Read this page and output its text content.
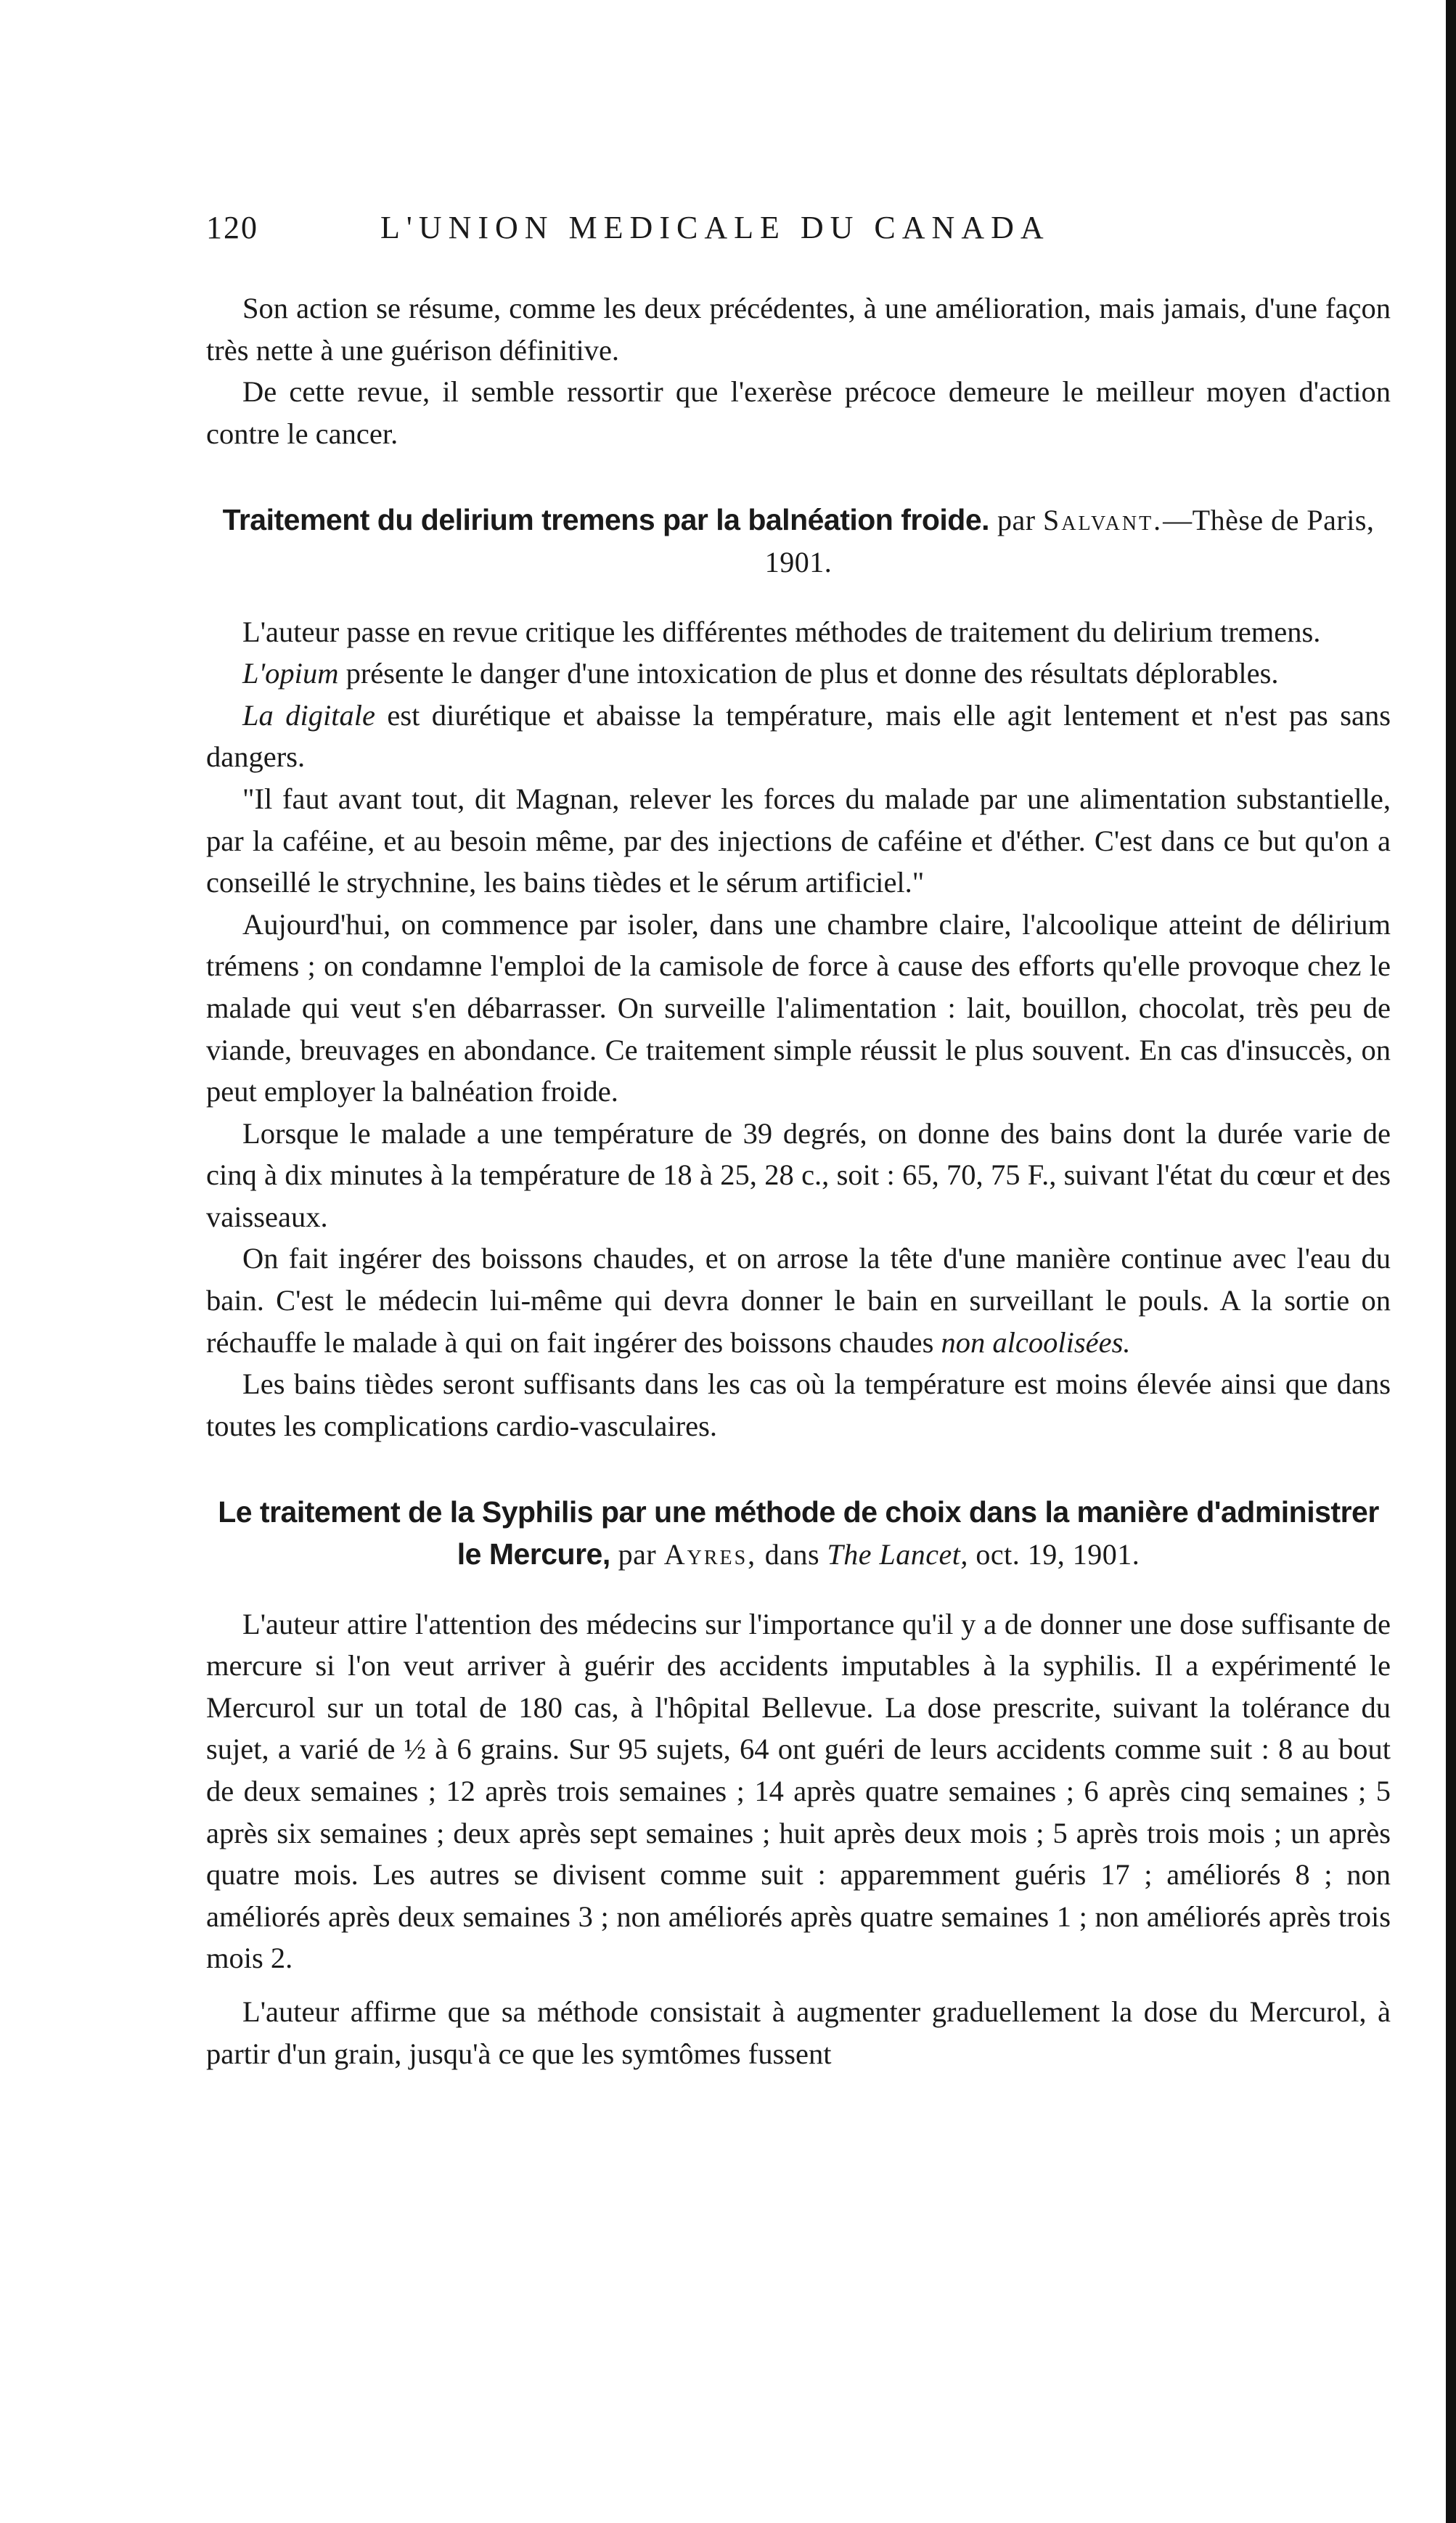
120	L'UNION MEDICALE DU CANADA

Son action se résume, comme les deux précédentes, à une amélioration, mais jamais, d'une façon très nette à une guérison définitive.

De cette revue, il semble ressortir que l'exerèse précoce demeure le meilleur moyen d'action contre le cancer.

Traitement du delirium tremens par la balnéation froide. par Salvant.—Thèse de Paris, 1901.

L'auteur passe en revue critique les différentes méthodes de traitement du delirium tremens.

L'opium présente le danger d'une intoxication de plus et donne des résultats déplorables.

La digitale est diurétique et abaisse la température, mais elle agit lentement et n'est pas sans dangers.

"Il faut avant tout, dit Magnan, relever les forces du malade par une alimentation substantielle, par la caféine, et au besoin même, par des injections de caféine et d'éther. C'est dans ce but qu'on a conseillé le strychnine, les bains tièdes et le sérum artificiel."

Aujourd'hui, on commence par isoler, dans une chambre claire, l'alcoolique atteint de délirium trémens ; on condamne l'emploi de la camisole de force à cause des efforts qu'elle provoque chez le malade qui veut s'en débarrasser. On surveille l'alimentation : lait, bouillon, chocolat, très peu de viande, breuvages en abondance. Ce traitement simple réussit le plus souvent. En cas d'insuccès, on peut employer la balnéation froide.

Lorsque le malade a une température de 39 degrés, on donne des bains dont la durée varie de cinq à dix minutes à la température de 18 à 25, 28 c., soit : 65, 70, 75 F., suivant l'état du cœur et des vaisseaux.

On fait ingérer des boissons chaudes, et on arrose la tête d'une manière continue avec l'eau du bain. C'est le médecin lui-même qui devra donner le bain en surveillant le pouls. A la sortie on réchauffe le malade à qui on fait ingérer des boissons chaudes non alcoolisées.

Les bains tièdes seront suffisants dans les cas où la température est moins élevée ainsi que dans toutes les complications cardio-vasculaires.

Le traitement de la Syphilis par une méthode de choix dans la manière d'administrer le Mercure, par Ayres, dans The Lancet, oct. 19, 1901.

L'auteur attire l'attention des médecins sur l'importance qu'il y a de donner une dose suffisante de mercure si l'on veut arriver à guérir des accidents imputables à la syphilis. Il a expérimenté le Mercurol sur un total de 180 cas, à l'hôpital Bellevue. La dose prescrite, suivant la tolérance du sujet, a varié de ½ à 6 grains. Sur 95 sujets, 64 ont guéri de leurs accidents comme suit : 8 au bout de deux semaines ; 12 après trois semaines ; 14 après quatre semaines ; 6 après cinq semaines ; 5 après six semaines ; deux après sept semaines ; huit après deux mois ; 5 après trois mois ; un après quatre mois. Les autres se divisent comme suit : apparemment guéris 17 ; améliorés 8 ; non améliorés après deux semaines 3 ; non améliorés après quatre semaines 1 ; non améliorés après trois mois 2.

L'auteur affirme que sa méthode consistait à augmenter graduellement la dose du Mercurol, à partir d'un grain, jusqu'à ce que les symtômes fussent
